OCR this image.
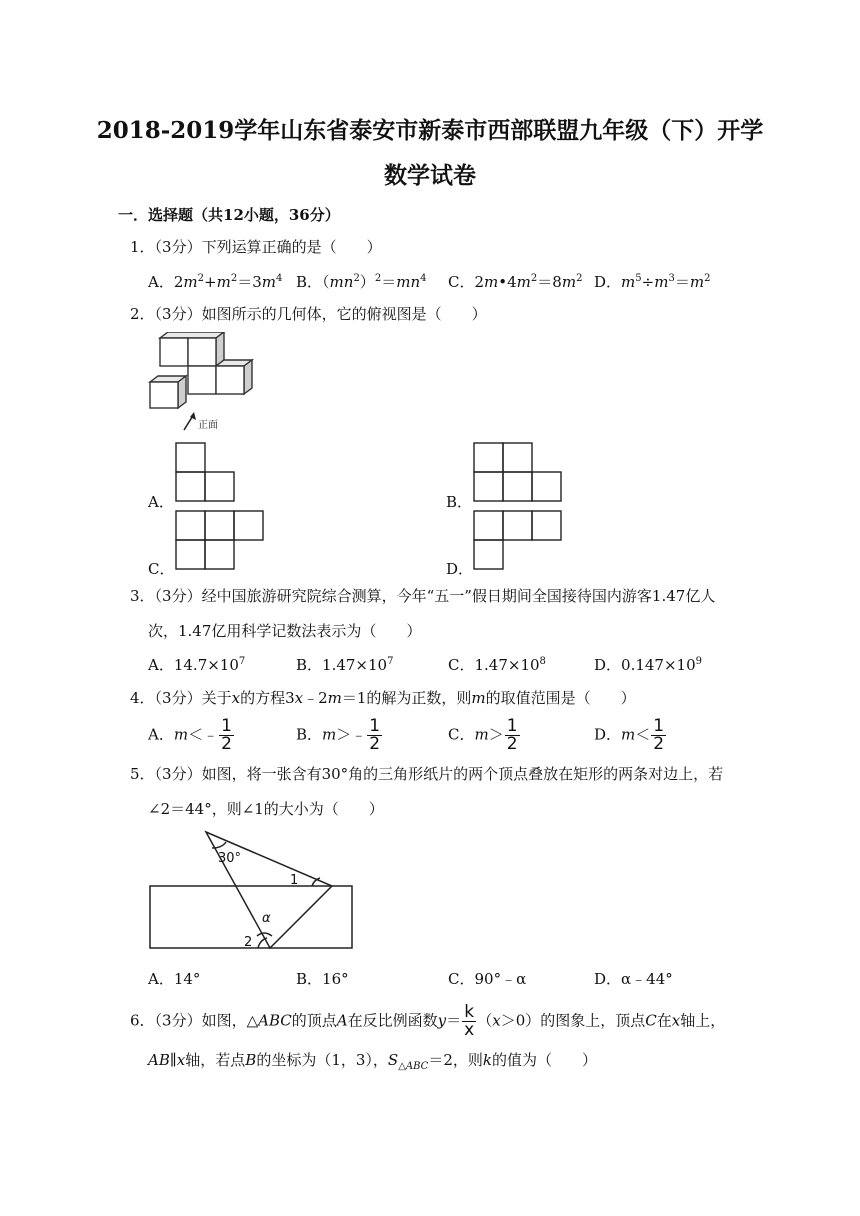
2018-2019学年山东省泰安市新泰市西部联盟九年级（下）开学
数学试卷
一．选择题（共12小题，36分）
1．（3分）下列运算正确的是（　　）
A．$2m^2+m^2=3m^4$ B．$(mn^2)^2=mn^4$ C．$2m•4m^2=8m^2$ D．$m^5\div m^3=m^2$
2．（3分）如图所示的几何体，它的俯视图是（　　）
正面
A．	B．
C．	D．
3．（3分）经中国旅游研究院综合测算，今年“五一”假日期间全国接待国内游客1.47亿人
次，1.47亿用科学记数法表示为（　　）
A．$14.7\times 10^7$	B．$1.47\times 10^7$	C．$1.47\times 10^8$	D．$0.147\times 10^9$
4．（3分）关于x的方程3x﹣2m＝1的解为正数，则m的取值范围是（　　）
A．m＜﹣ $\frac{1}{2}$	B．m＞﹣ $\frac{1}{2}$	C．$m> \frac{1}{2}$	D．$m< \frac{1}{2}$
5．（3分）如图，将一张含有30°角的三角形纸片的两个顶点叠放在矩形的两条对边上，若
∠2＝44°，则∠1的大小为（　　）
30°
1
2
α
A．14°	B．16°	C．90°﹣α	D．α﹣44°
6．（3分）如图，△ABC的顶点A在反比例函数$y= \frac{k}{x} (x>0)$的图象上，顶点C在x轴上，
AB∥x轴，若点B的坐标为（1，3），$S_{\triangle ABC}=2$，则k的值为（　　）
